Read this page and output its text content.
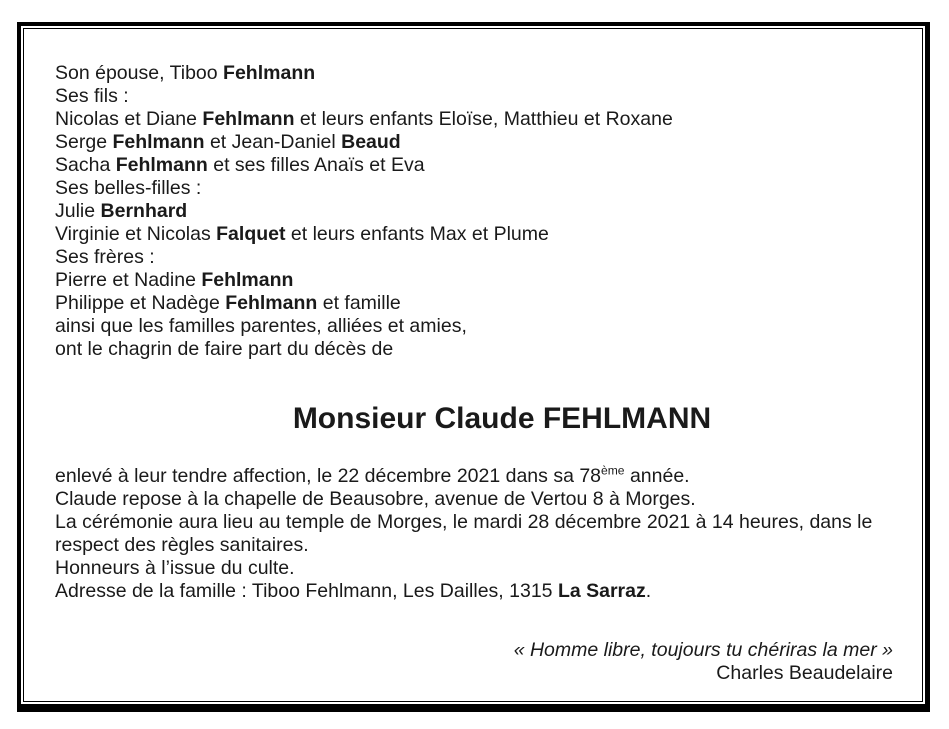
Son épouse, Tiboo Fehlmann
Ses fils :
Nicolas et Diane Fehlmann et leurs enfants Eloïse, Matthieu et Roxane
Serge Fehlmann et Jean-Daniel Beaud
Sacha Fehlmann et ses filles Anaïs et Eva
Ses belles-filles :
Julie Bernhard
Virginie et Nicolas Falquet et leurs enfants Max et Plume
Ses frères :
Pierre et Nadine Fehlmann
Philippe et Nadège Fehlmann et famille
ainsi que les familles parentes, alliées et amies,
ont le chagrin de faire part du décès de
Monsieur Claude FEHLMANN
enlevé à leur tendre affection, le 22 décembre 2021 dans sa 78ème année.
Claude repose à la chapelle de Beausobre, avenue de Vertou 8 à Morges.
La cérémonie aura lieu au temple de Morges, le mardi 28 décembre 2021 à 14 heures, dans le
respect des règles sanitaires.
Honneurs à l’issue du culte.
Adresse de la famille : Tiboo Fehlmann, Les Dailles, 1315 La Sarraz.
« Homme libre, toujours tu chériras la mer »
Charles Beaudelaire
